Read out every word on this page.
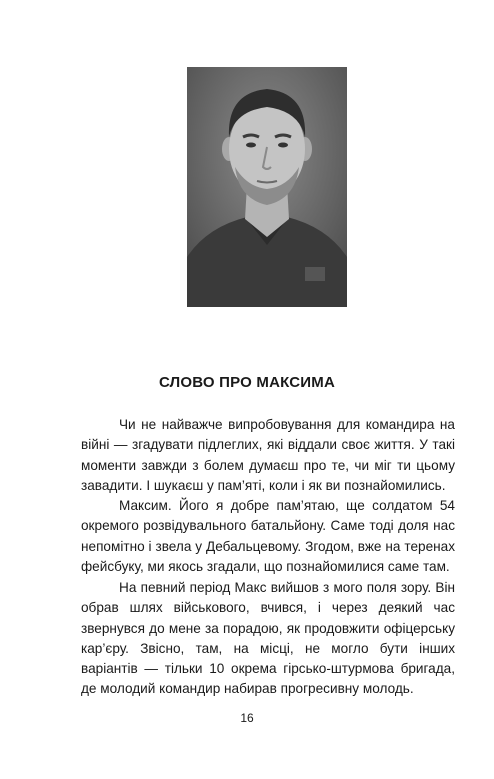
СЛОВО ПРО МАКСИМА

Чи не найважче випробовування для командира на війні — згадувати підлеглих, які віддали своє життя. У такі моменти завжди з болем думаєш про те, чи міг ти цьому завадити. І шукаєш у пам’яті, коли і як ви познайомились.

Максим. Його я добре пам’ятаю, ще солдатом 54 окремого розвідувального батальйону. Саме тоді доля нас непомітно і звела у Дебальцевому. Згодом, вже на теренах фейсбуку, ми якось згадали, що познайомилися саме там.

На певний період Макс вийшов з мого поля зору. Він обрав шлях військового, вчився, і через деякий час звернувся до мене за порадою, як продовжити офіцерську кар’єру. Звісно, там, на місці, не могло бути інших варіантів — тільки 10 окрема гірсько-штурмова бригада, де молодий командир набирав прогресивну молодь.

16
